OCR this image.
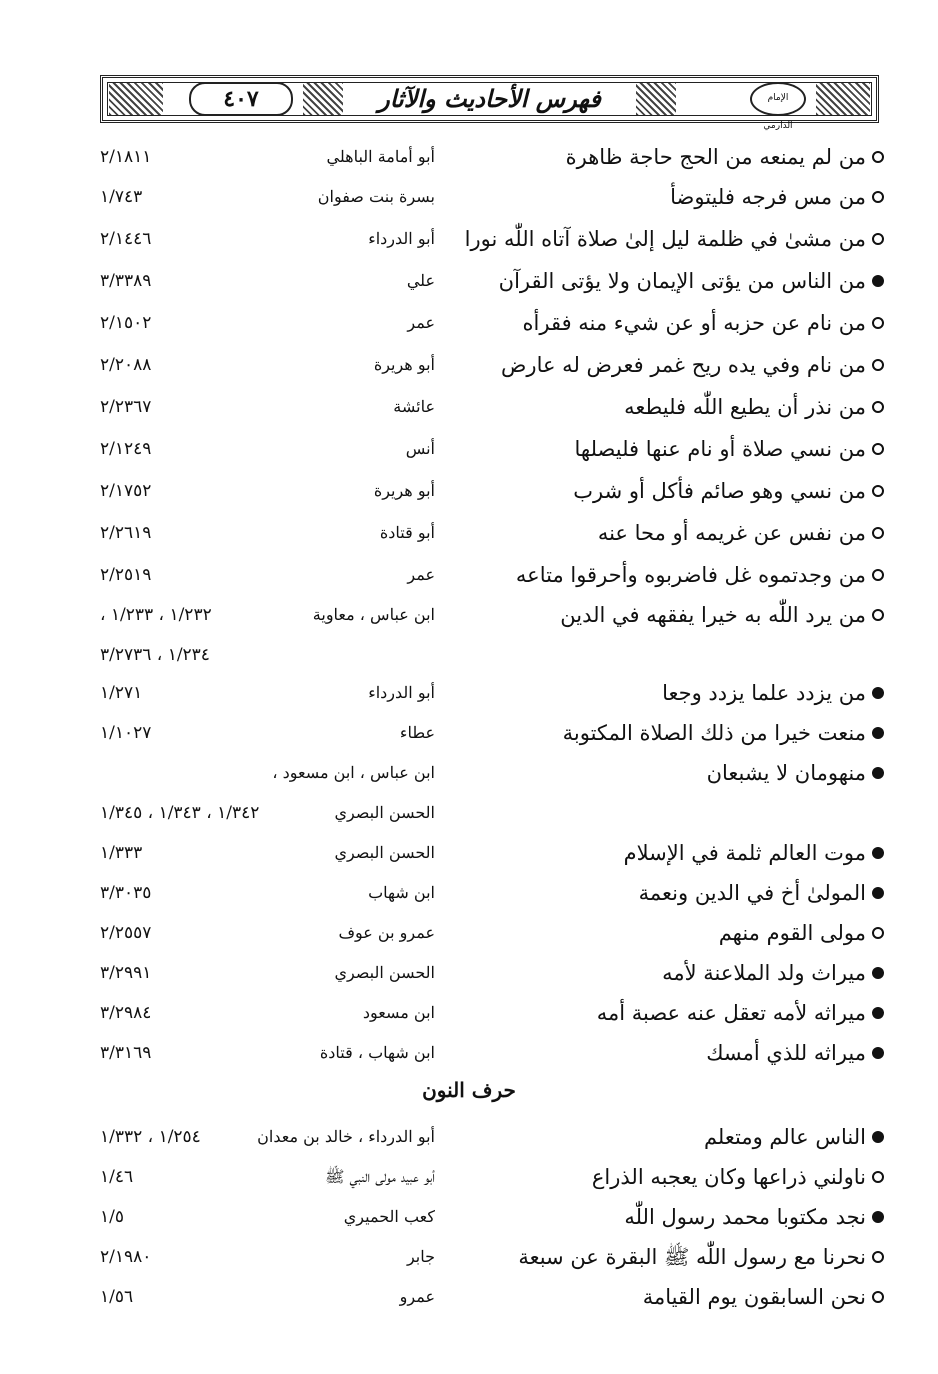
٤٠٧	فهرس الأحاديث والآثار	الإمام الدارمي
من لم يمنعه من الحج حاجة ظاهرة
أبو أمامة الباهلي
٢/١٨١١
من مس فرجه فليتوضأ
بسرة بنت صفوان
١/٧٤٣
من مشىٰ في ظلمة ليل إلىٰ صلاة آتاه اللّٰه نورا
أبو الدرداء
٢/١٤٤٦
من الناس من يؤتى الإيمان ولا يؤتى القرآن
علي
٣/٣٣٨٩
من نام عن حزبه أو عن شيء منه فقرأه
عمر
٢/١٥٠٢
من نام وفي يده ريح غمر فعرض له عارض
أبو هريرة
٢/٢٠٨٨
من نذر أن يطيع اللّٰه فليطعه
عائشة
٢/٢٣٦٧
من نسي صلاة أو نام عنها فليصلها
أنس
٢/١٢٤٩
من نسي وهو صائم فأكل أو شرب
أبو هريرة
٢/١٧٥٢
من نفس عن غريمه أو محا عنه
أبو قتادة
٢/٢٦١٩
من وجدتموه غل فاضربوه وأحرقوا متاعه
عمر
٢/٢٥١٩
من يرد اللّٰه به خيرا يفقهه في الدين
ابن عباس ، معاوية
١/٢٣٢ ، ١/٢٣٣ ،
١/٢٣٤ ، ٣/٢٧٣٦
من يزدد علما يزدد وجعا
أبو الدرداء
١/٢٧١
منعت خيرا من ذلك الصلاة المكتوبة
عطاء
١/١٠٢٧
منهومان لا يشبعان
ابن عباس ، ابن مسعود ،
الحسن البصري
١/٣٤٢ ، ١/٣٤٣ ، ١/٣٤٥
موت العالم ثلمة في الإسلام
الحسن البصري
١/٣٣٣
المولىٰ أخ في الدين ونعمة
ابن شهاب
٣/٣٠٣٥
مولى القوم منهم
عمرو بن عوف
٢/٢٥٥٧
ميراث ولد الملاعنة لأمه
الحسن البصري
٣/٢٩٩١
ميراثه لأمه تعقل عنه عصبة أمه
ابن مسعود
٣/٢٩٨٤
ميراثه للذي أمسك
ابن شهاب ، قتادة
٣/٣١٦٩
الناس عالم ومتعلم
أبو الدرداء ، خالد بن معدان
١/٢٥٤ ، ١/٣٣٢
ناولني ذراعها وكان يعجبه الذراع
أبو عبيد مولى النبي ﷺ
١/٤٦
نجد مكتوبا محمد رسول اللّٰه
كعب الحميري
١/٥
نحرنا مع رسول اللّٰه ﷺ البقرة عن سبعة
جابر
٢/١٩٨٠
نحن السابقون يوم القيامة
عمرو
١/٥٦
حرف النون
